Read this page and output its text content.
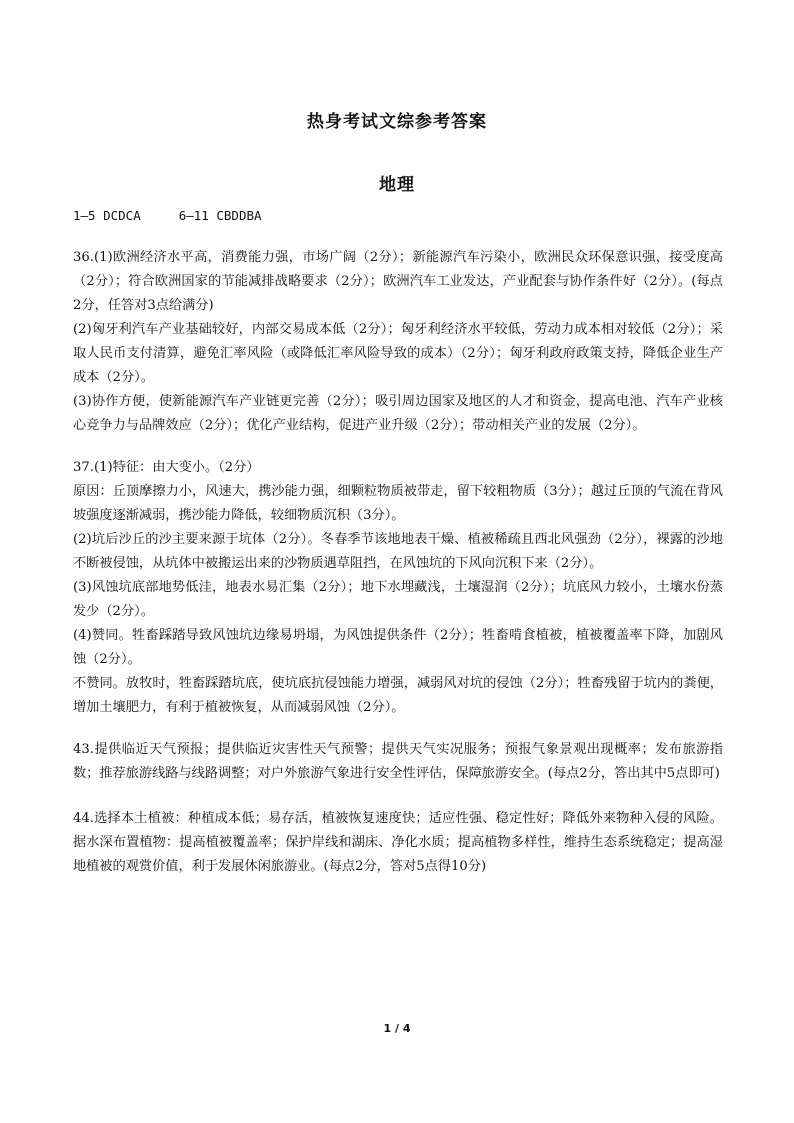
热身考试文综参考答案
地理
1—5 DCDCA	6—11 CBDDBA

36.(1)欧洲经济水平高，消费能力强，市场广阔（2分）；新能源汽车污染小，欧洲民众环保意识强，接受度高（2分）；符合欧洲国家的节能减排战略要求（2分）；欧洲汽车工业发达，产业配套与协作条件好（2分）。(每点2分，任答对3点给满分)

(2)匈牙利汽车产业基础较好，内部交易成本低（2分）；匈牙利经济水平较低，劳动力成本相对较低（2分）；采取人民币支付清算，避免汇率风险（或降低汇率风险导致的成本）（2分）；匈牙利政府政策支持，降低企业生产成本（2分）。

(3)协作方便，使新能源汽车产业链更完善（2分）；吸引周边国家及地区的人才和资金，提高电池、汽车产业核心竞争力与品牌效应（2分）；优化产业结构，促进产业升级（2分）；带动相关产业的发展（2分）。

37.(1)特征：由大变小。（2分）

原因：丘顶摩擦力小，风速大，携沙能力强，细颗粒物质被带走，留下较粗物质（3分）；越过丘顶的气流在背风坡强度逐渐减弱，携沙能力降低，较细物质沉积（3分）。

(2)坑后沙丘的沙主要来源于坑体（2分）。冬春季节该地地表干燥、植被稀疏且西北风强劲（2分），裸露的沙地不断被侵蚀，从坑体中被搬运出来的沙物质遇草阻挡，在风蚀坑的下风向沉积下来（2分）。

(3)风蚀坑底部地势低洼，地表水易汇集（2分）；地下水埋藏浅，土壤湿润（2分）；坑底风力较小，土壤水份蒸发少（2分）。

(4)赞同。牲畜踩踏导致风蚀坑边缘易坍塌，为风蚀提供条件（2分）；牲畜啃食植被，植被覆盖率下降，加剧风蚀（2分）。

不赞同。放牧时，牲畜踩踏坑底，使坑底抗侵蚀能力增强，减弱风对坑的侵蚀（2分）；牲畜残留于坑内的粪便，增加土壤肥力，有利于植被恢复，从而减弱风蚀（2分）。

43.提供临近天气预报；提供临近灾害性天气预警；提供天气实况服务；预报气象景观出现概率；发布旅游指数；推荐旅游线路与线路调整；对户外旅游气象进行安全性评估，保障旅游安全。(每点2分，答出其中5点即可)

44.选择本土植被：种植成本低；易存活，植被恢复速度快；适应性强、稳定性好；降低外来物种入侵的风险。据水深布置植物：提高植被覆盖率；保护岸线和湖床、净化水质；提高植物多样性，维持生态系统稳定；提高湿地植被的观赏价值，利于发展休闲旅游业。(每点2分，答对5点得10分)

1 / 4
